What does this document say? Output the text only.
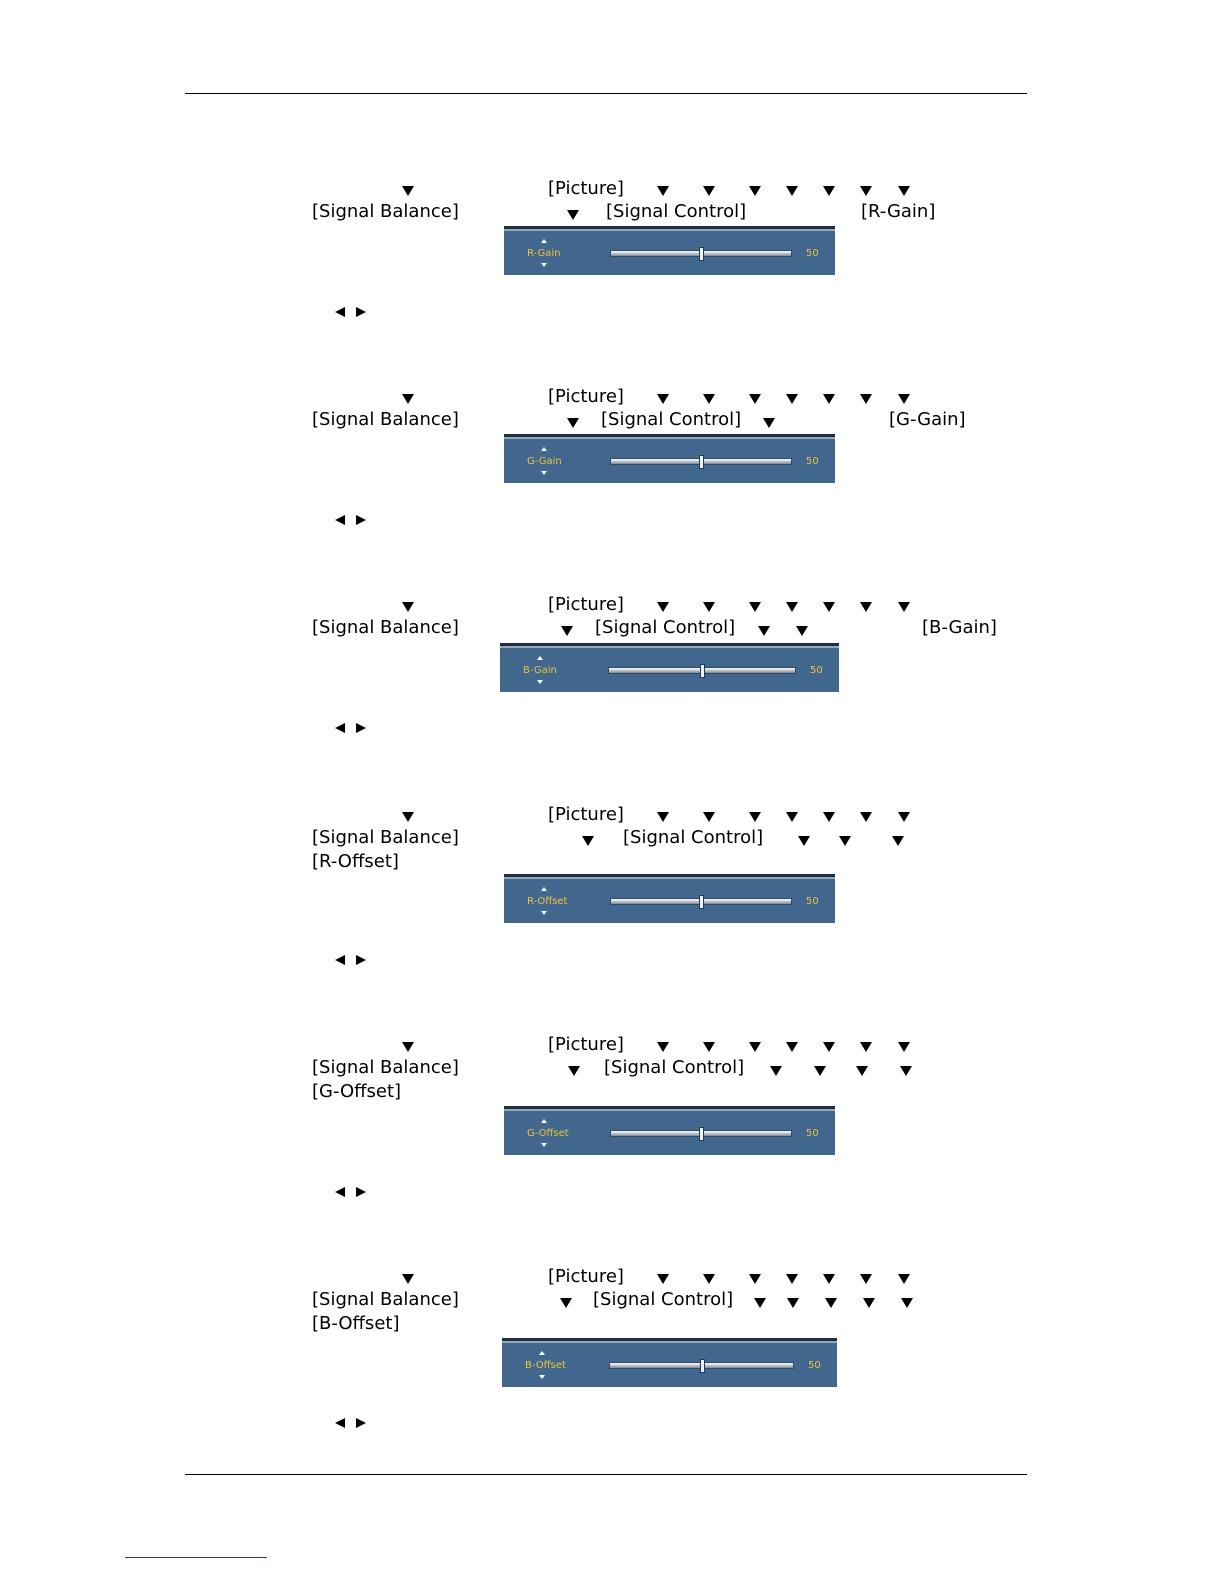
[Picture]
[Signal Balance]	[Signal Control]	[R-Gain]
R-Gain	50
[Picture]
[Signal Balance]	[Signal Control]	[G-Gain]
G-Gain	50
[Picture]
[Signal Balance]	[Signal Control]	[B-Gain]
B-Gain	50
[Picture]
[Signal Balance]	[Signal Control]
[R-Offset]
R-Offset	50
[Picture]
[Signal Balance]	[Signal Control]
[G-Offset]
G-Offset	50
[Picture]
[Signal Balance]	[Signal Control]
[B-Offset]
B-Offset	50
